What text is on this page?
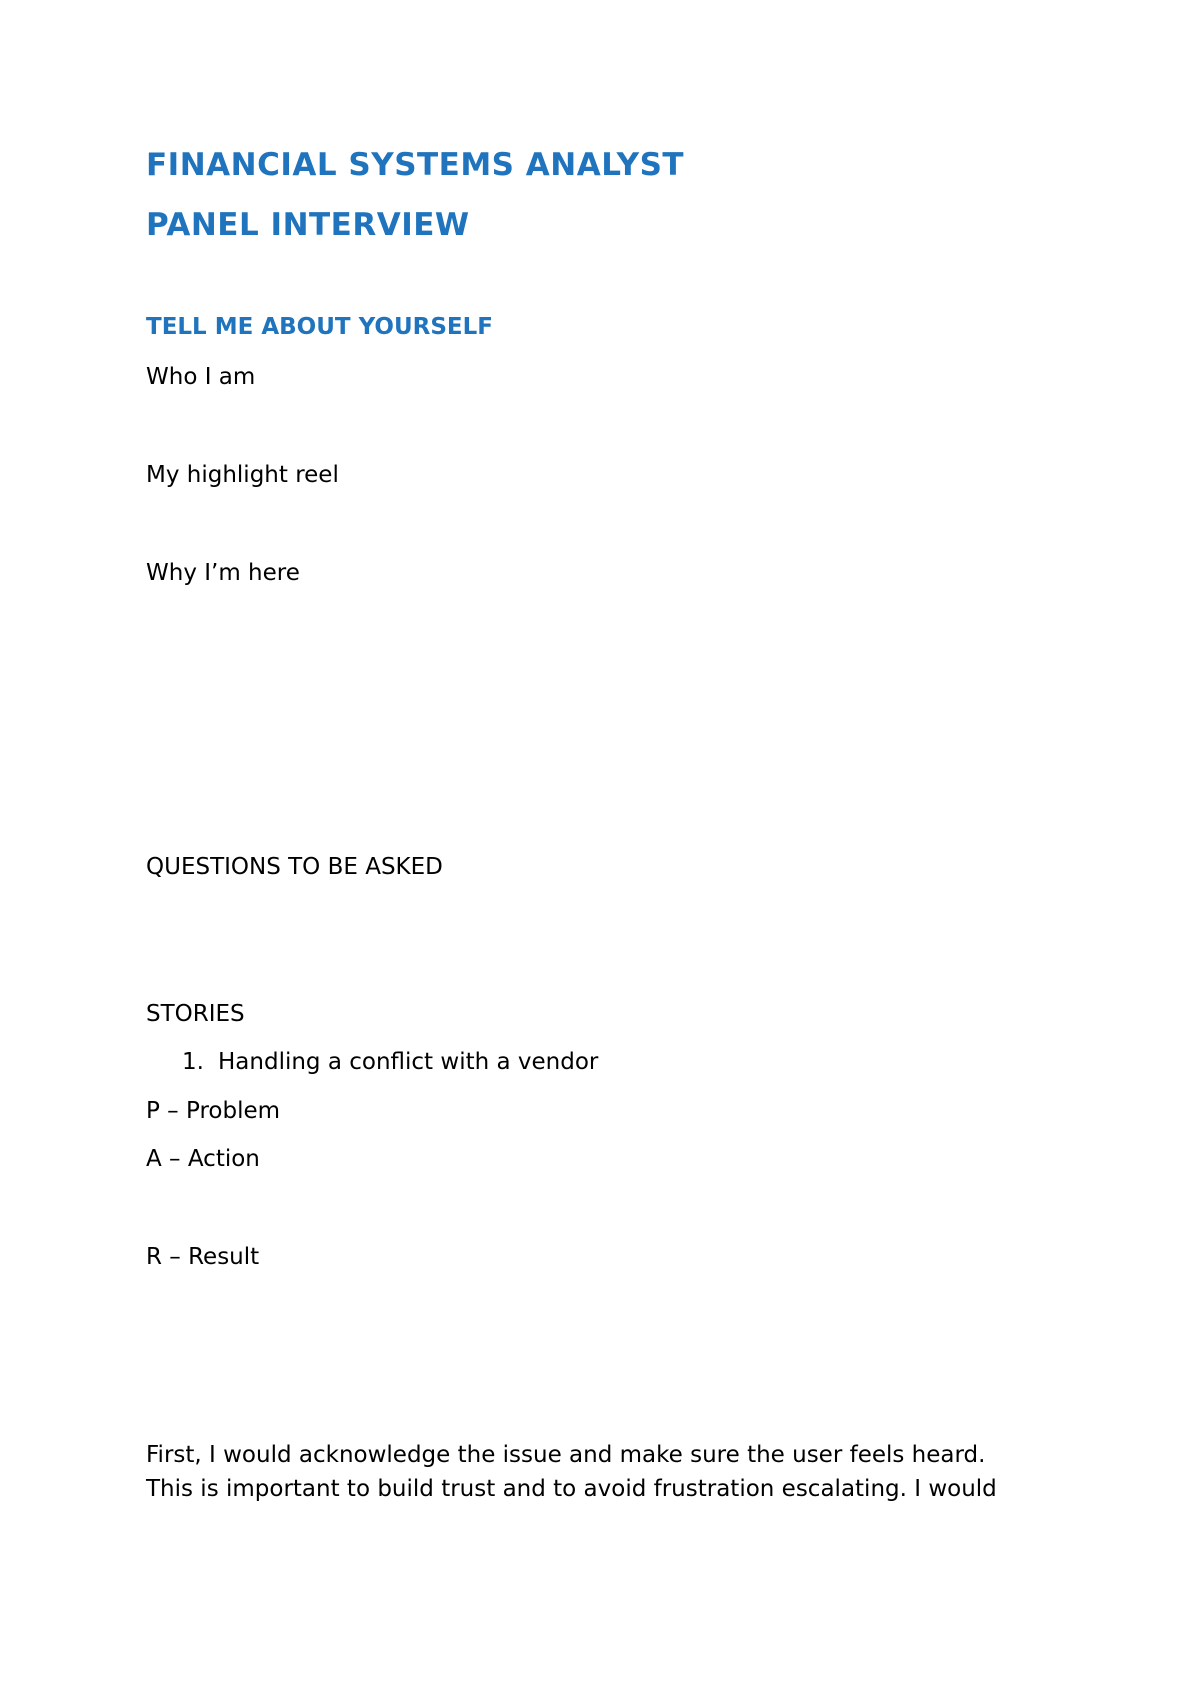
FINANCIAL SYSTEMS ANALYST
PANEL INTERVIEW
TELL ME ABOUT YOURSELF

Who I am

My highlight reel

Why I’m here

QUESTIONS TO BE ASKED

STORIES

1. Handling a conflict with a vendor

P – Problem

A – Action

R – Result

First, I would acknowledge the issue and make sure the user feels heard.
This is important to build trust and to avoid frustration escalating. I would
